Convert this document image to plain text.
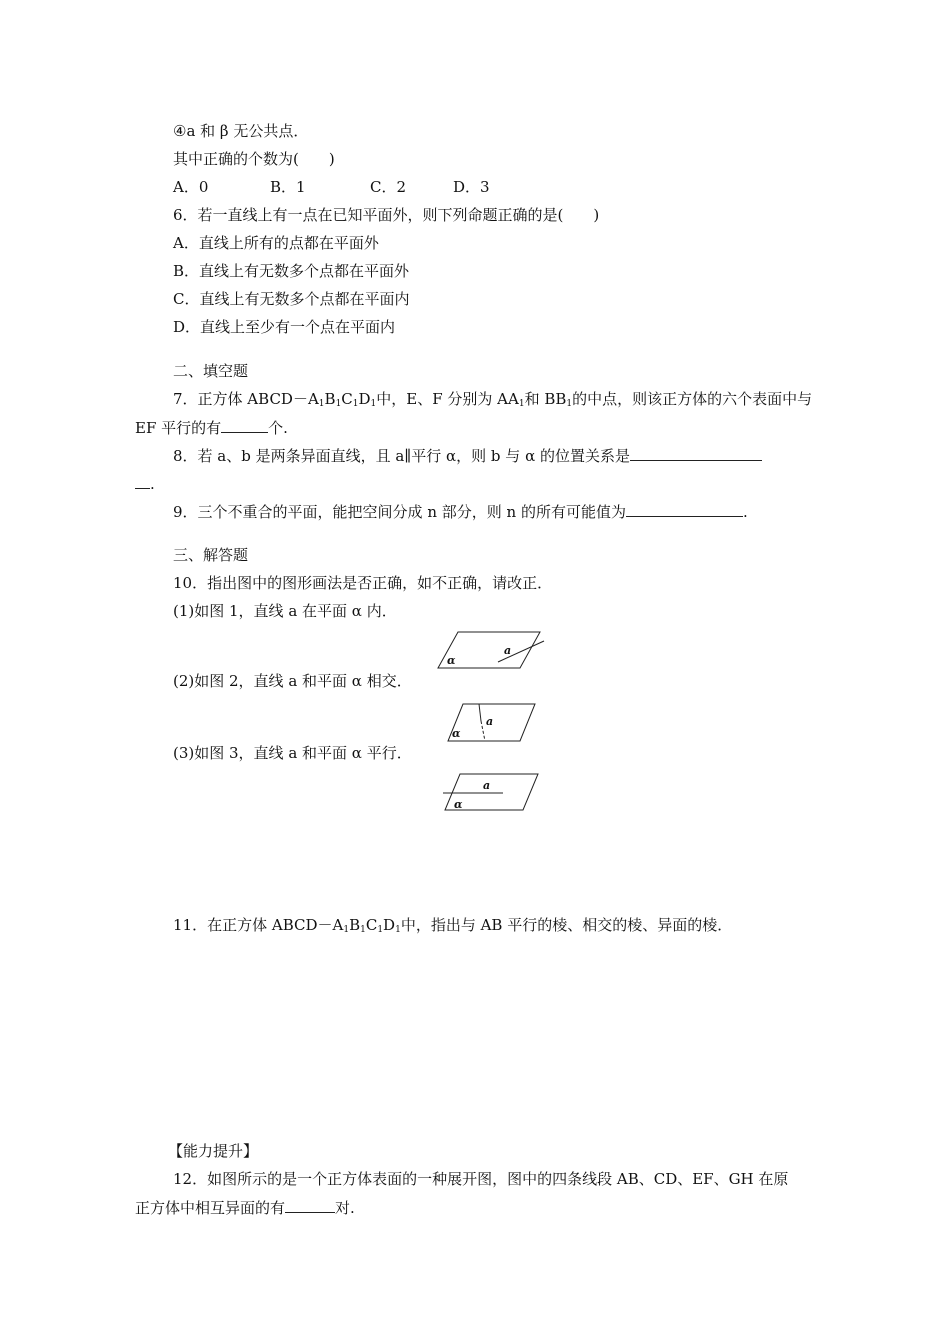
④a 和 β 无公共点．
其中正确的个数为(　　)
A．0	B．1	C．2	D．3
6．若一直线上有一点在已知平面外，则下列命题正确的是(　　)
A．直线上所有的点都在平面外
B．直线上有无数多个点都在平面外
C．直线上有无数多个点都在平面内
D．直线上至少有一个点在平面内
二、填空题
7．正方体 $ABCD-A_1B_1C_1D_1$中，E、F 分别为 $AA_1$和 $BB_1$的中点，则该正方体的六个表面中与
EF 平行的有	个.
8．若 a、b 是两条异面直线，且 a∥平行 α，则 b 与 α 的位置关系是
.
9．三个不重合的平面，能把空间分成 n 部分，则 n 的所有可能值为	.
三、解答题
10．指出图中的图形画法是否正确，如不正确，请改正．
(1)如图 1，直线 a 在平面 α 内．
(2)如图 2，直线 a 和平面 α 相交．
(3)如图 3，直线 a 和平面 α 平行．
α
a
α
a
α
a
11．在正方体 $ABCD-A_1B_1C_1D_1$中，指出与 AB 平行的棱、相交的棱、异面的棱．
【能力提升】
12．如图所示的是一个正方体表面的一种展开图，图中的四条线段 AB、CD、EF、GH 在原
正方体中相互异面的有	对.
